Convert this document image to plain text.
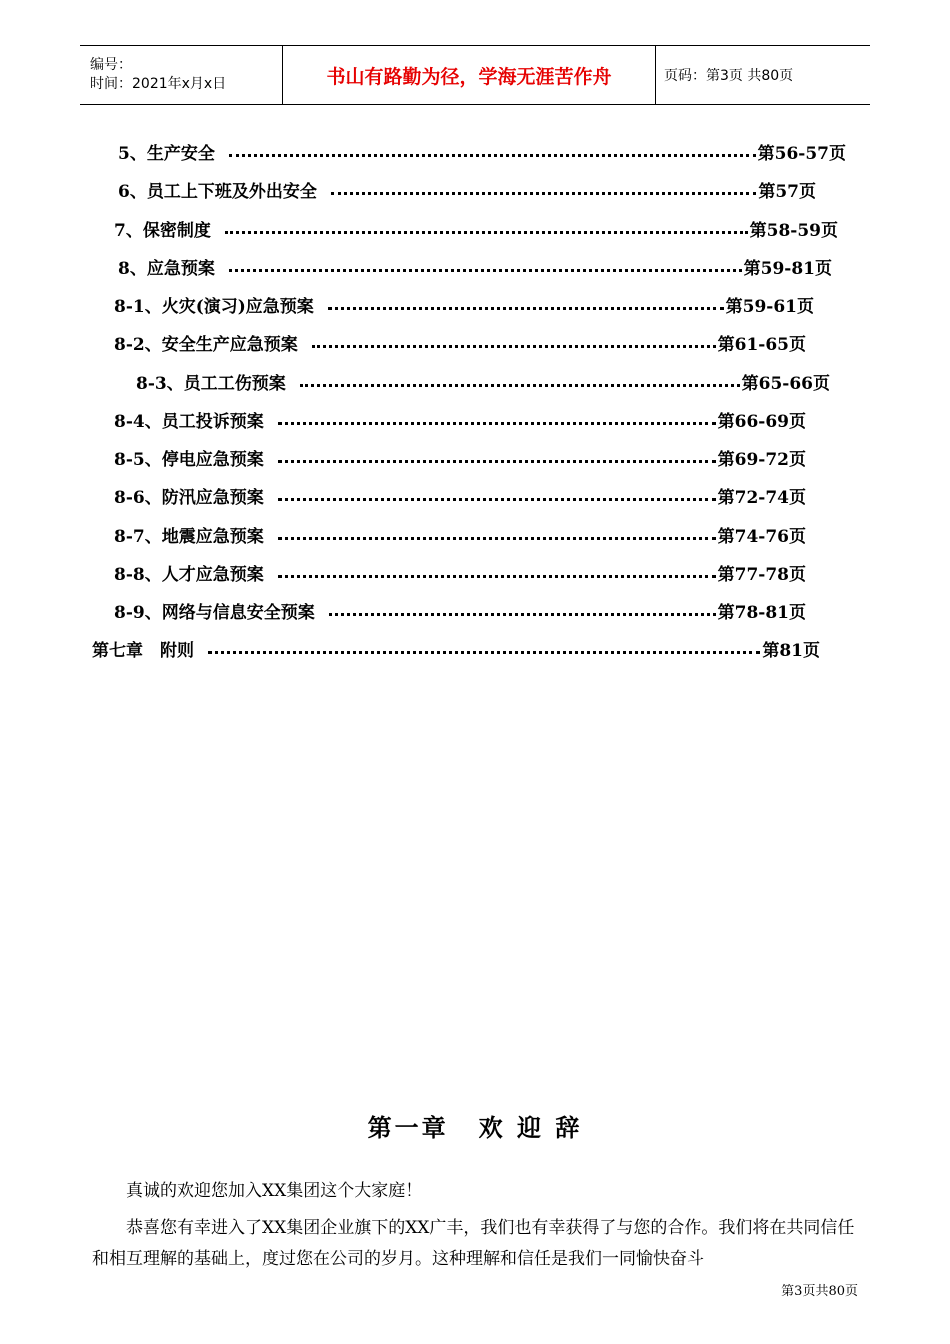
编号：
时间：2021年x月x日	书山有路勤为径，学海无涯苦作舟	页码：第3页 共80页
5、生产安全	第56-57页
6、员工上下班及外出安全	第57页
7、保密制度	第58-59页
8、应急预案	第59-81页
8-1、火灾(演习)应急预案	第59-61页
8-2、安全生产应急预案	第61-65页
8-3、员工工伤预案	第65-66页
8-4、员工投诉预案	第66-69页
8-5、停电应急预案	第69-72页
8-6、防汛应急预案	第72-74页
8-7、地震应急预案	第74-76页
8-8、人才应急预案	第77-78页
8-9、网络与信息安全预案	第78-81页
第七章　附则	第81页
第一章 欢 迎 辞
　　真诚的欢迎您加入XX集团这个大家庭！
　　恭喜您有幸进入了XX集团企业旗下的XX广丰，我们也有幸获得了与您的合作。我们将在共同信任和相互理解的基础上，度过您在公司的岁月。这种理解和信任是我们一同愉快奋斗
第3页共80页
